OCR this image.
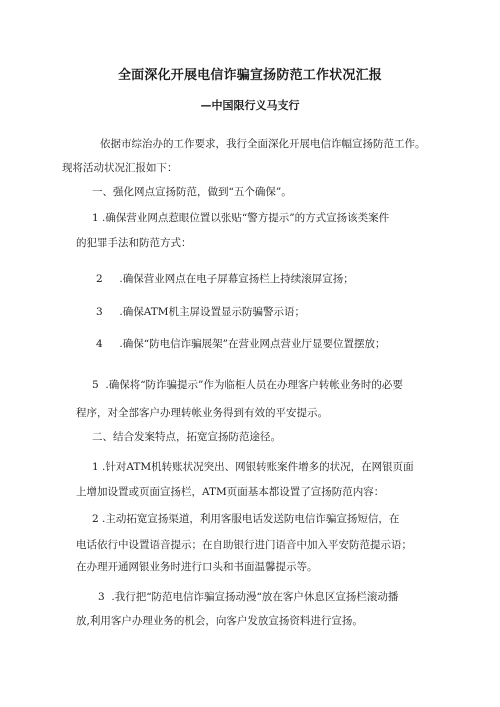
全面深化开展电信诈骗宣扬防范工作状况汇报
—中国限行义马支行
依据市综治办的工作要求，我行全面深化开展电信诈幅宣扬防范工作。
现将活动状况汇报如下：
一、强化网点宣扬防范，做到“五个确保”。
1 .确保营业网点惹眼位置以张贴“警方提示”的方式宣扬该类案件
的犯罪手法和防范方式：
2     .确保营业网点在电子屏幕宣扬栏上持续滚屏宣扬；
3     .确保ATM机主屏设置显示防骗警示语；
4     .确保“防电信诈骗展架”在营业网点营业厅显要位置摆放；
5  .确保将“防诈骗提示”作为临柜人员在办理客户转帐业务时的必要
程序，对全部客户办理转帐业务得到有效的平安提示。
二、结合发案特点，拓宽宣扬防范途径。
1 .针对ATM机转账状况突出、网银转账案件增多的状况，在网银页面
上增加设置或页面宣扬栏，ATM页面基本都设置了宣扬防范内容：
2 .主动拓宽宣扬渠道，利用客服电话发送防电信诈骗宣扬短信，在
电话依行中设置语音提示；在自助银行进门语音中加入平安防范提示语；
在办理开通网银业务时进行口头和书面温馨提示等。
3  .我行把“防范电信诈骗宣扬动漫“放在客户休息区宣扬栏滚动播
放,利用客户办理业务的机会，向客户发放宣扬资料进行宣扬。
